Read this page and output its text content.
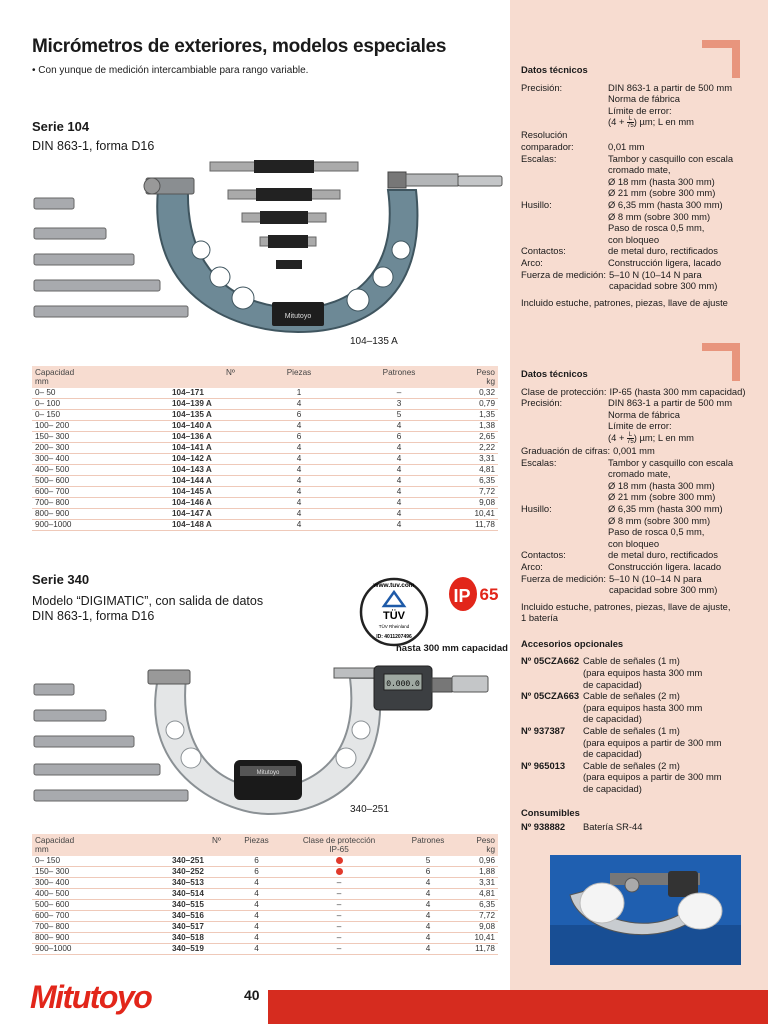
Micrómetros de exteriores, modelos especiales
• Con yunque de medición intercambiable para rango variable.
Serie 104
DIN 863-1, forma D16
Mitutoyo
104–135 A
Capacidad
mm	Nº	Piezas	Patrones	Peso
kg
0– 50	104–171	1	–	0,32
0– 100	104–139 A	4	3	0,79
0– 150	104–135 A	6	5	1,35
100– 200	104–140 A	4	4	1,38
150– 300	104–136 A	6	6	2,65
200– 300	104–141 A	4	4	2,22
300– 400	104–142 A	4	4	3,31
400– 500	104–143 A	4	4	4,81
500– 600	104–144 A	4	4	6,35
600– 700	104–145 A	4	4	7,72
700– 800	104–146 A	4	4	9,08
800– 900	104–147 A	4	4	10,41
900–1000	104–148 A	4	4	11,78
Serie 340
Modelo “DIGIMATIC”, con salida de datos
DIN 863-1, forma D16
www.tuv.com
TÜV
TÜV Rheinland
ID: 4011207496
IP 65
hasta 300 mm capacidad
Mitutoyo
0.000.0
340–251
Capacidad
mm	Nº	Piezas	Clase de protección
IP-65	Patrones	Peso
kg
0– 150	340–251	6		5	0,96
150– 300	340–252	6		6	1,88
300– 400	340–513	4	–	4	3,31
400– 500	340–514	4	–	4	4,81
500– 600	340–515	4	–	4	6,35
600– 700	340–516	4	–	4	7,72
700– 800	340–517	4	–	4	9,08
800– 900	340–518	4	–	4	10,41
900–1000	340–519	4	–	4	11,78
Datos técnicos
Precisión:	DIN 863-1 a partir de 500 mm
Norma de fábrica
Límite de error:
($4 + \frac{L}{75}$ ) µm; L en mm
Resolución
comparador:	0,01 mm
Escalas:	Tambor y casquillo con escala
cromado mate,
Ø 18 mm (hasta 300 mm)
Ø 21 mm (sobre 300 mm)
Husillo:	Ø 6,35 mm (hasta 300 mm)
Ø 8 mm (sobre 300 mm)
Paso de rosca 0,5 mm,
con bloqueo
Contactos:	de metal duro, rectificados
Arco:	Construcción ligera, lacado
Fuerza de medición: 5–10 N (10–14 N para
capacidad sobre 300 mm)
Incluido estuche, patrones, piezas, llave de ajuste
Datos técnicos
Clase de protección: IP-65 (hasta 300 mm capacidad)
Precisión:	DIN 863-1 a partir de 500 mm
Norma de fábrica
Límite de error:
($4 + \frac{L}{75}$ ) µm; L en mm
Graduación de cifras: 0,001 mm
Escalas:	Tambor y casquillo con escala
cromado mate,
Ø 18 mm (hasta 300 mm)
Ø 21 mm (sobre 300 mm)
Husillo:	Ø 6,35 mm (hasta 300 mm)
Ø 8 mm (sobre 300 mm)
Paso de rosca 0,5 mm,
con bloqueo
Contactos:	de metal duro, rectificados
Arco:	Construcción ligera. lacado
Fuerza de medición: 5–10 N (10–14 N para
capacidad sobre 300 mm)
Incluido estuche, patrones, piezas, llave de ajuste,
1 batería
Accesorios opcionales
Nº 05CZA662 Cable de señales (1 m)
(para equipos hasta 300 mm
de capacidad)
Nº 05CZA663 Cable de señales (2 m)
(para equipos hasta 300 mm
de capacidad)
Nº 937387	Cable de señales (1 m)
(para equipos a partir de 300 mm
de capacidad)
Nº 965013	Cable de señales (2 m)
(para equipos a partir de 300 mm
de capacidad)
Consumibles
Nº 938882	Batería SR-44
Mitutoyo	40
